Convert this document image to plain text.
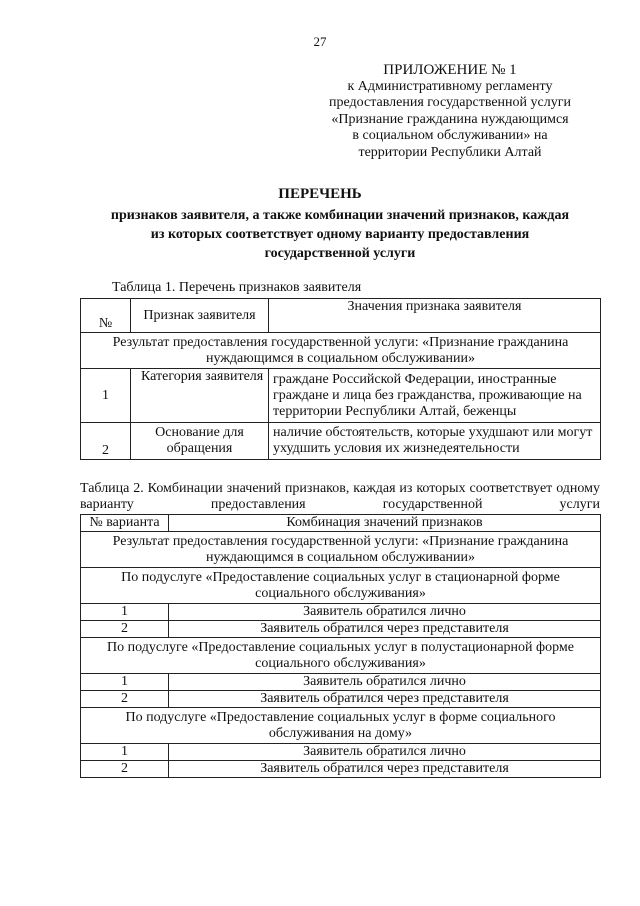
27
ПРИЛОЖЕНИЕ № 1
к Административному регламенту
предоставления государственной услуги
«Признание гражданина нуждающимся
в социальном обслуживании» на
территории Республики Алтай
ПЕРЕЧЕНЬ
признаков заявителя, а также комбинации значений признаков, каждая
из которых соответствует одному варианту предоставления
государственной услуги
Таблица 1. Перечень признаков заявителя
№	Признак заявителя	Значения признака заявителя
Результат предоставления государственной услуги: «Признание гражданина нуждающимся в социальном обслуживании»		
1	Категория заявителя	граждане Российской Федерации, иностранные граждане и лица без гражданства, проживающие на территории Республики Алтай, беженцы
2	Основание для обращения	наличие обстоятельств, которые ухудшают или могут ухудшить условия их жизнедеятельности
Таблица 2. Комбинации значений признаков, каждая из которых соответствует одному варианту предоставления государственной услуги
№ варианта	Комбинация значений признаков
Результат предоставления государственной услуги: «Признание гражданина нуждающимся в социальном обслуживании»	
По подуслуге «Предоставление социальных услуг в стационарной форме социального обслуживания»	
1	Заявитель обратился лично
2	Заявитель обратился через представителя
По подуслуге «Предоставление социальных услуг в полустационарной форме социального обслуживания»	
1	Заявитель обратился лично
2	Заявитель обратился через представителя
По подуслуге «Предоставление социальных услуг в форме социального обслуживания на дому»	
1	Заявитель обратился лично
2	Заявитель обратился через представителя
